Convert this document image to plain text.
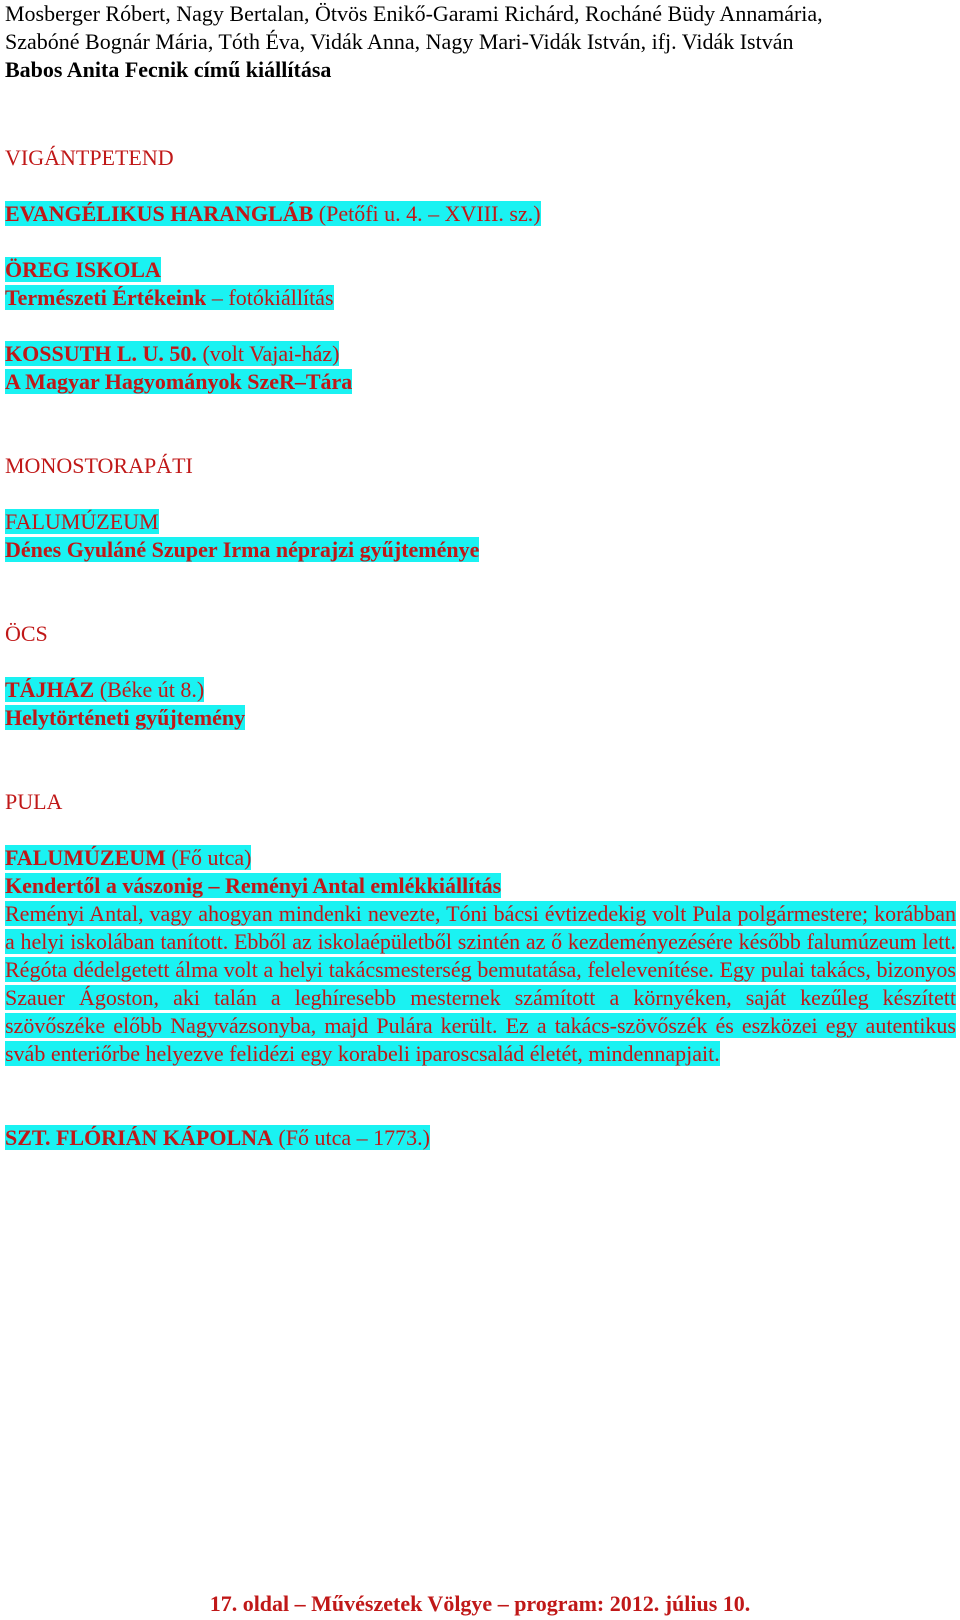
Mosberger Róbert, Nagy Bertalan, Ötvös Enikő-Garami Richárd, Rocháné Büdy Annamária,
Szabóné Bognár Mária, Tóth Éva, Vidák Anna, Nagy Mari-Vidák István, ifj. Vidák István
Babos Anita Fecnik című kiállítása
VIGÁNTPETEND
EVANGÉLIKUS HARANGLÁB (Petőfi u. 4. – XVIII. sz.)
ÖREG ISKOLA
Természeti Értékeink – fotókiállítás
KOSSUTH L. U. 50. (volt Vajai-ház)
A Magyar Hagyományok SzeR–Tára
MONOSTORAPÁTI
FALUMÚZEUM
Dénes Gyuláné Szuper Irma néprajzi gyűjteménye
ÖCS
TÁJHÁZ (Béke út 8.)
Helytörténeti gyűjtemény
PULA
FALUMÚZEUM (Fő utca)
Kendertől a vászonig – Reményi Antal emlékkiállítás
Reményi Antal, vagy ahogyan mindenki nevezte, Tóni bácsi évtizedekig volt Pula polgármestere; korábban a helyi iskolában tanított. Ebből az iskolaépületből szintén az ő kezdeményezésére később falumúzeum lett. Régóta dédelgetett álma volt a helyi takácsmesterség bemutatása, felelevenítése. Egy pulai takács, bizonyos Szauer Ágoston, aki talán a leghíresebb mesternek számított a környéken, saját kezűleg készített szövőszéke előbb Nagyvázsonyba, majd Pulára került. Ez a takács-szövőszék és eszközei egy autentikus sváb enteriőrbe helyezve felidézi egy korabeli iparoscsalád életét, mindennapjait.
SZT. FLÓRIÁN KÁPOLNA (Fő utca – 1773.)
17. oldal – Művészetek Völgye – program: 2012. július 10.
